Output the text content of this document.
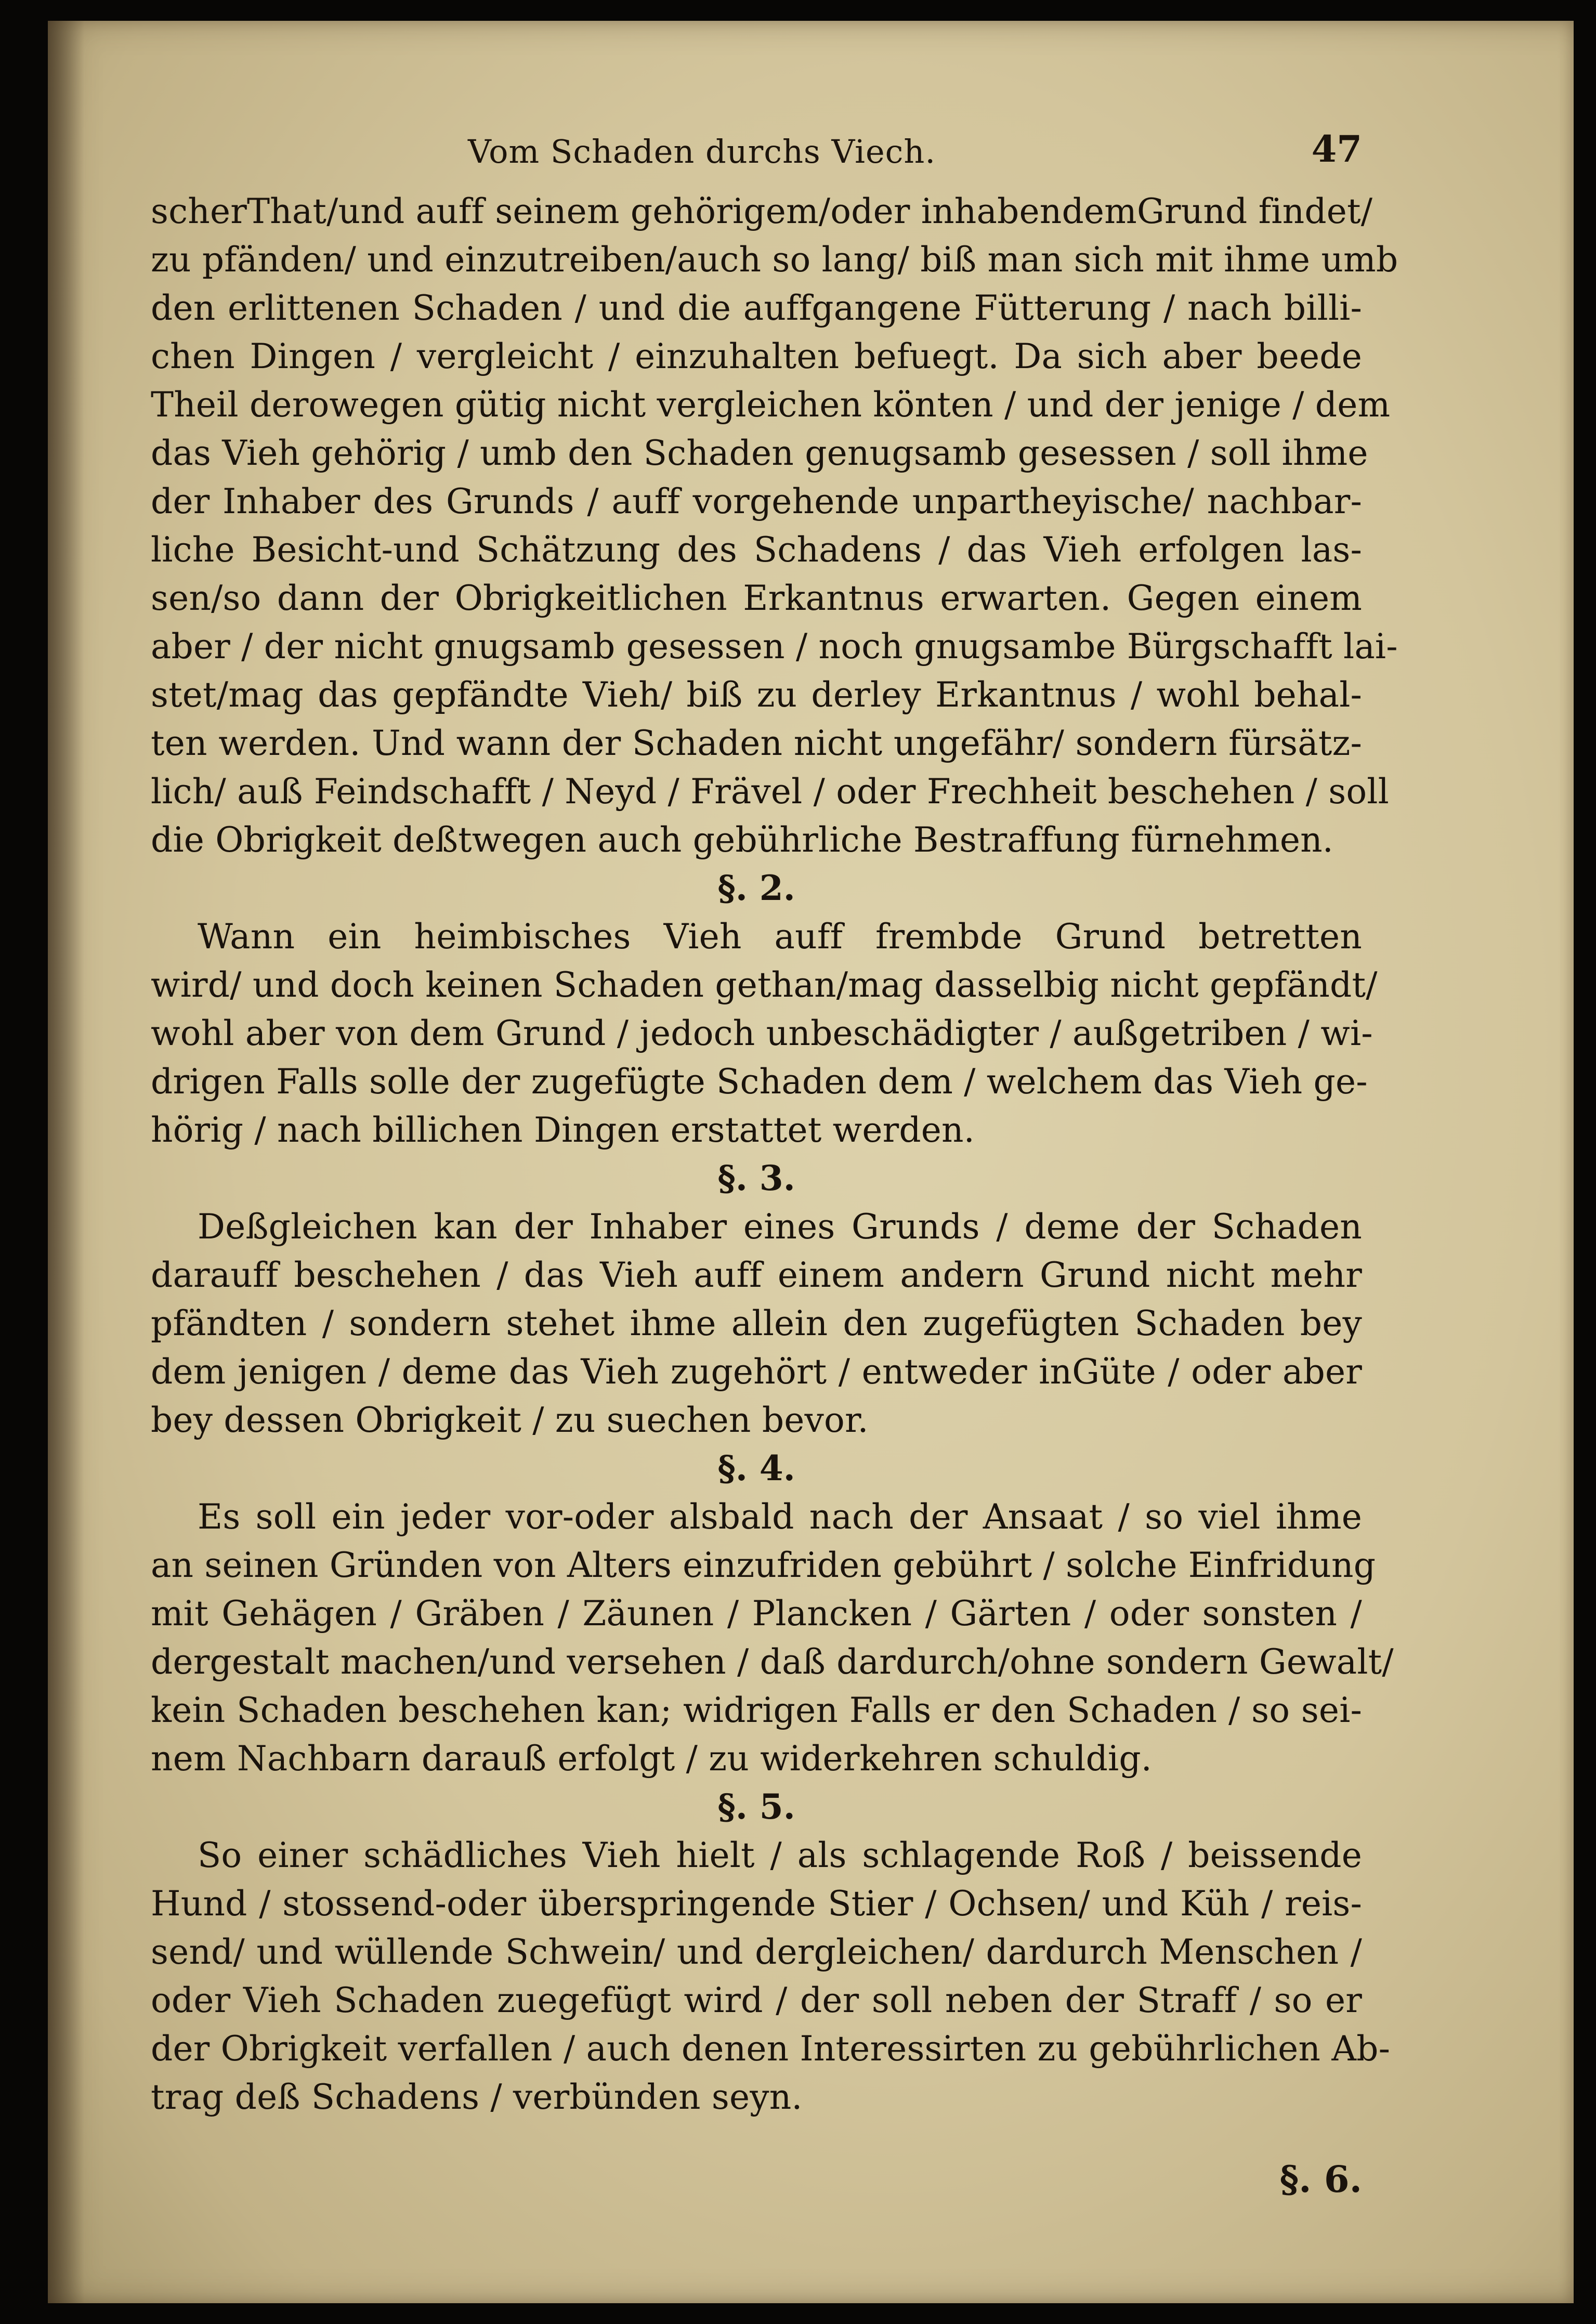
Vom Schaden durchs Viech.	47
scherThat/und auff seinem gehörigem/oder inhabendemGrund findet/
zu pfänden/ und einzutreiben/auch so lang/ biß man sich mit ihme umb
den erlittenen Schaden / und die auffgangene Fütterung / nach billi-
chen Dingen / vergleicht / einzuhalten befuegt. Da sich aber beede
Theil derowegen gütig nicht vergleichen könten / und der jenige / dem
das Vieh gehörig / umb den Schaden genugsamb gesessen / soll ihme
der Inhaber des Grunds / auff vorgehende unpartheyische/ nachbar-
liche Besicht-und Schätzung des Schadens / das Vieh erfolgen las-
sen/so dann der Obrigkeitlichen Erkantnus erwarten. Gegen einem
aber / der nicht gnugsamb gesessen / noch gnugsambe Bürgschafft lai-
stet/mag das gepfändte Vieh/ biß zu derley Erkantnus / wohl behal-
ten werden. Und wann der Schaden nicht ungefähr/ sondern fürsätz-
lich/ auß Feindschafft / Neyd / Frävel / oder Frechheit beschehen / soll
die Obrigkeit deßtwegen auch gebührliche Bestraffung fürnehmen.
§. 2.
Wann ein heimbisches Vieh auff frembde Grund betretten
wird/ und doch keinen Schaden gethan/mag dasselbig nicht gepfändt/
wohl aber von dem Grund / jedoch unbeschädigter / außgetriben / wi-
drigen Falls solle der zugefügte Schaden dem / welchem das Vieh ge-
hörig / nach billichen Dingen erstattet werden.
§. 3.
Deßgleichen kan der Inhaber eines Grunds / deme der Schaden
darauff beschehen / das Vieh auff einem andern Grund nicht mehr
pfändten / sondern stehet ihme allein den zugefügten Schaden bey
dem jenigen / deme das Vieh zugehört / entweder inGüte / oder aber
bey dessen Obrigkeit / zu suechen bevor.
§. 4.
Es soll ein jeder vor-oder alsbald nach der Ansaat / so viel ihme
an seinen Gründen von Alters einzufriden gebührt / solche Einfridung
mit Gehägen / Gräben / Zäunen / Plancken / Gärten / oder sonsten /
dergestalt machen/und versehen / daß dardurch/ohne sondern Gewalt/
kein Schaden beschehen kan; widrigen Falls er den Schaden / so sei-
nem Nachbarn darauß erfolgt / zu widerkehren schuldig.
§. 5.
So einer schädliches Vieh hielt / als schlagende Roß / beissende
Hund / stossend-oder überspringende Stier / Ochsen/ und Küh / reis-
send/ und wüllende Schwein/ und dergleichen/ dardurch Menschen /
oder Vieh Schaden zuegefügt wird / der soll neben der Straff / so er
der Obrigkeit verfallen / auch denen Interessirten zu gebührlichen Ab-
trag deß Schadens / verbünden seyn.
§. 6.
